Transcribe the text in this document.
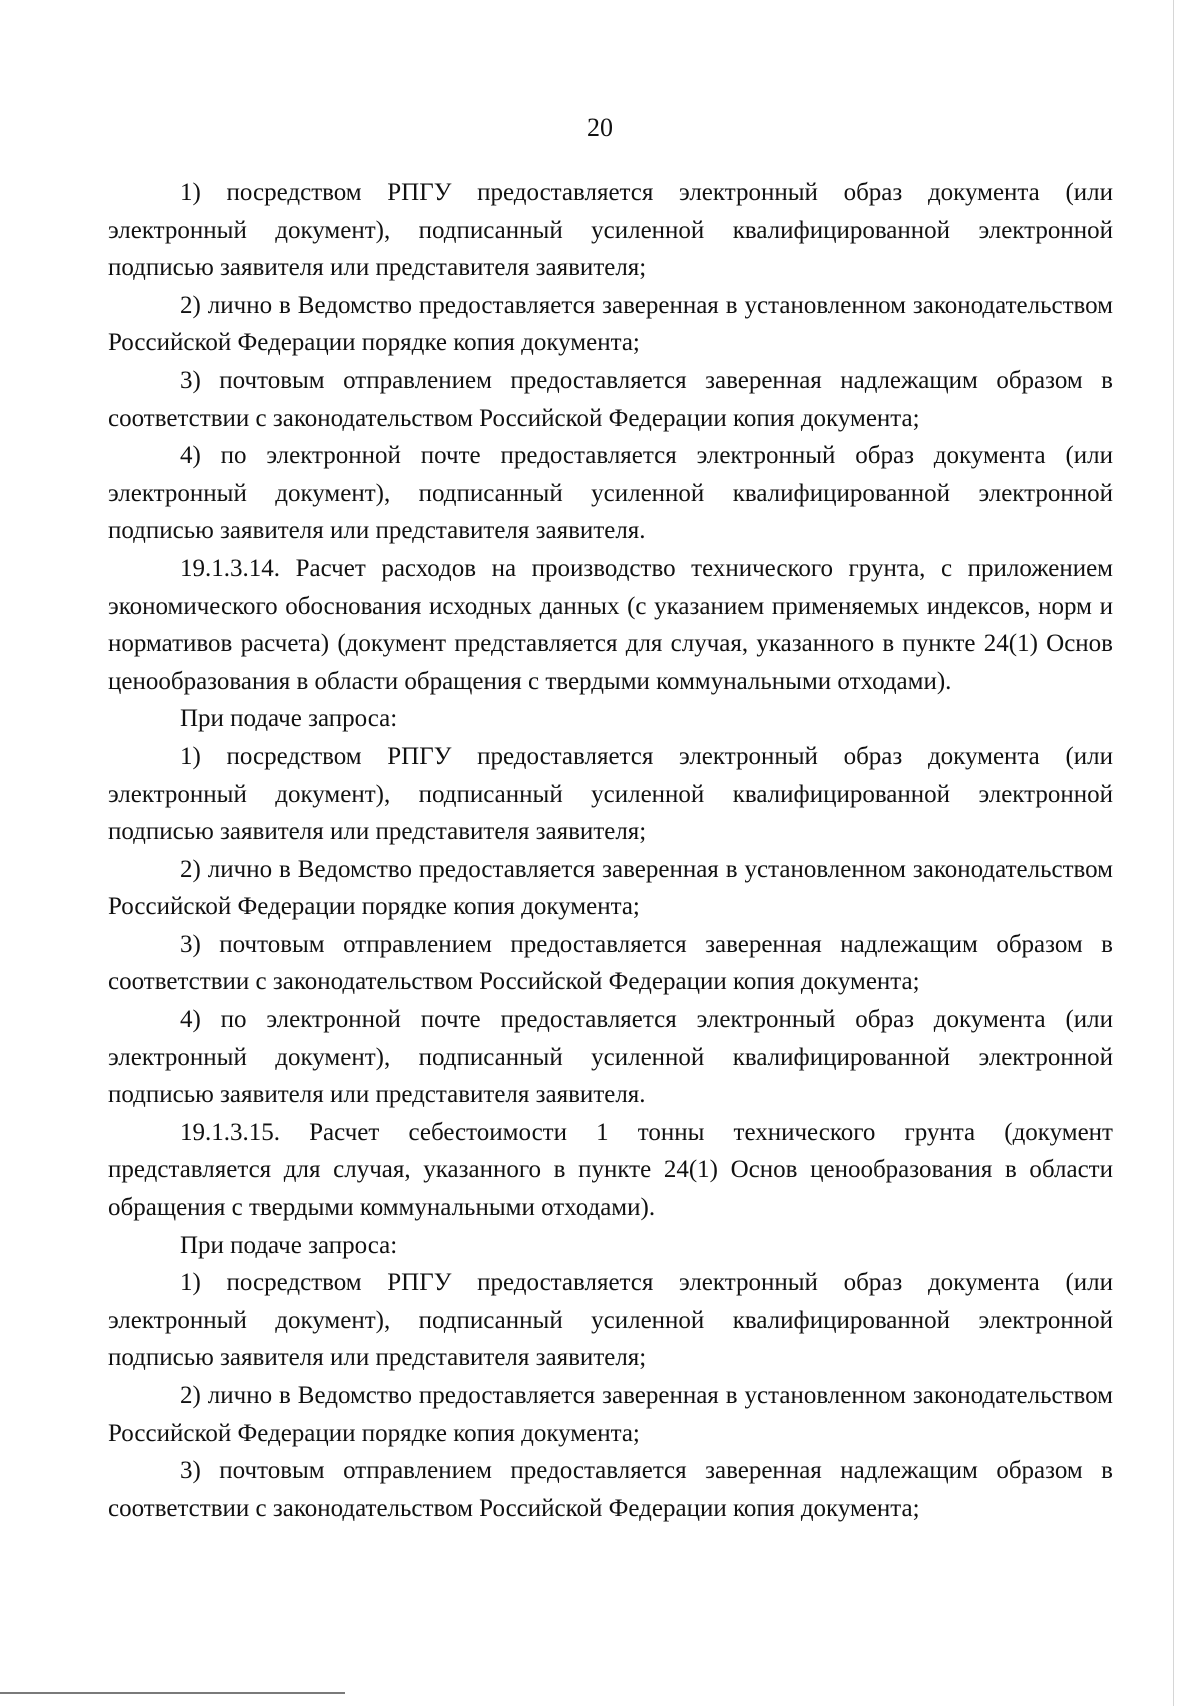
20

1) посредством РПГУ предоставляется электронный образ документа (или электронный документ), подписанный усиленной квалифицированной электронной подписью заявителя или представителя заявителя;

2) лично в Ведомство предоставляется заверенная в установленном законодательством Российской Федерации порядке копия документа;

3) почтовым отправлением предоставляется заверенная надлежащим образом в соответствии с законодательством Российской Федерации копия документа;

4) по электронной почте предоставляется электронный образ документа (или электронный документ), подписанный усиленной квалифицированной электронной подписью заявителя или представителя заявителя.

19.1.3.14. Расчет расходов на производство технического грунта, с приложением экономического обоснования исходных данных (с указанием применяемых индексов, норм и нормативов расчета) (документ представляется для случая, указанного в пункте 24(1) Основ ценообразования в области обращения с твердыми коммунальными отходами).

При подаче запроса:

1) посредством РПГУ предоставляется электронный образ документа (или электронный документ), подписанный усиленной квалифицированной электронной подписью заявителя или представителя заявителя;

2) лично в Ведомство предоставляется заверенная в установленном законодательством Российской Федерации порядке копия документа;

3) почтовым отправлением предоставляется заверенная надлежащим образом в соответствии с законодательством Российской Федерации копия документа;

4) по электронной почте предоставляется электронный образ документа (или электронный документ), подписанный усиленной квалифицированной электронной подписью заявителя или представителя заявителя.

19.1.3.15. Расчет себестоимости 1 тонны технического грунта (документ представляется для случая, указанного в пункте 24(1) Основ ценообразования в области обращения с твердыми коммунальными отходами).

При подаче запроса:

1) посредством РПГУ предоставляется электронный образ документа (или электронный документ), подписанный усиленной квалифицированной электронной подписью заявителя или представителя заявителя;

2) лично в Ведомство предоставляется заверенная в установленном законодательством Российской Федерации порядке копия документа;

3) почтовым отправлением предоставляется заверенная надлежащим образом в соответствии с законодательством Российской Федерации копия документа;
